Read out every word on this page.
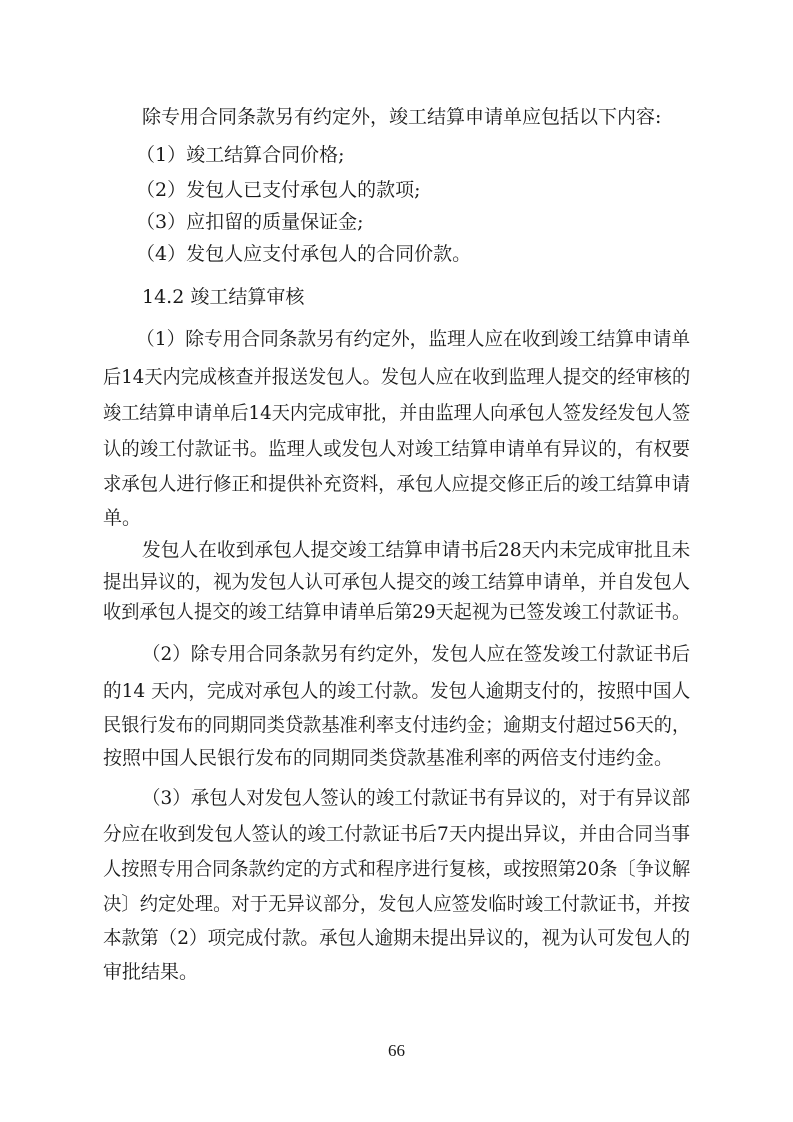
除专用合同条款另有约定外，竣工结算申请单应包括以下内容:

（1）竣工结算合同价格;

（2）发包人已支付承包人的款项;

（3）应扣留的质量保证金;

（4）发包人应支付承包人的合同价款。

14.2 竣工结算审核

（1）除专用合同条款另有约定外，监理人应在收到竣工结算申请单

后14天内完成核查并报送发包人。发包人应在收到监理人提交的经审核的

竣工结算申请单后14天内完成审批，并由监理人向承包人签发经发包人签

认的竣工付款证书。监理人或发包人对竣工结算申请单有异议的，有权要

求承包人进行修正和提供补充资料，承包人应提交修正后的竣工结算申请

单。

发包人在收到承包人提交竣工结算申请书后28天内未完成审批且未

提出异议的，视为发包人认可承包人提交的竣工结算申请单，并自发包人

收到承包人提交的竣工结算申请单后第29天起视为已签发竣工付款证书。

（2）除专用合同条款另有约定外，发包人应在签发竣工付款证书后

的14 天内，完成对承包人的竣工付款。发包人逾期支付的，按照中国人

民银行发布的同期同类贷款基准利率支付违约金；逾期支付超过56天的，

按照中国人民银行发布的同期同类贷款基准利率的两倍支付违约金。

（3）承包人对发包人签认的竣工付款证书有异议的，对于有异议部

分应在收到发包人签认的竣工付款证书后7天内提出异议，并由合同当事

人按照专用合同条款约定的方式和程序进行复核，或按照第20条〔争议解

决〕约定处理。对于无异议部分，发包人应签发临时竣工付款证书，并按

本款第（2）项完成付款。承包人逾期未提出异议的，视为认可发包人的

审批结果。

66
